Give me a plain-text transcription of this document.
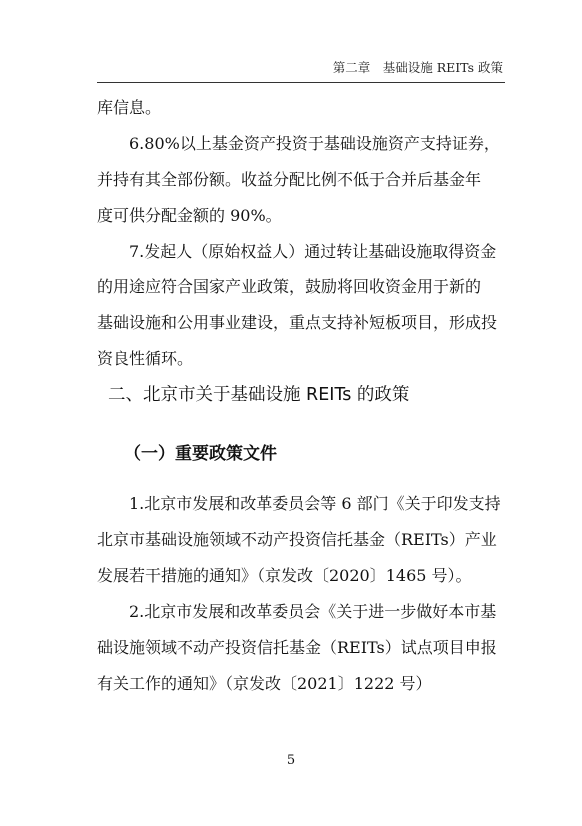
第二章　基础设施 REITs 政策
库信息。
6.80%以上基金资产投资于基础设施资产支持证券，
并持有其全部份额。收益分配比例不低于合并后基金年
度可供分配金额的 90%。
7.发起人（原始权益人）通过转让基础设施取得资金
的用途应符合国家产业政策，鼓励将回收资金用于新的
基础设施和公用事业建设，重点支持补短板项目，形成投
资良性循环。
二、北京市关于基础设施 REITs 的政策
（一）重要政策文件
1.北京市发展和改革委员会等 6 部门《关于印发支持
北京市基础设施领域不动产投资信托基金（REITs）产业
发展若干措施的通知》（京发改〔2020〕1465 号）。
2.北京市发展和改革委员会《关于进一步做好本市基
础设施领域不动产投资信托基金（REITs）试点项目申报
有关工作的通知》（京发改〔2021〕1222 号）
5
